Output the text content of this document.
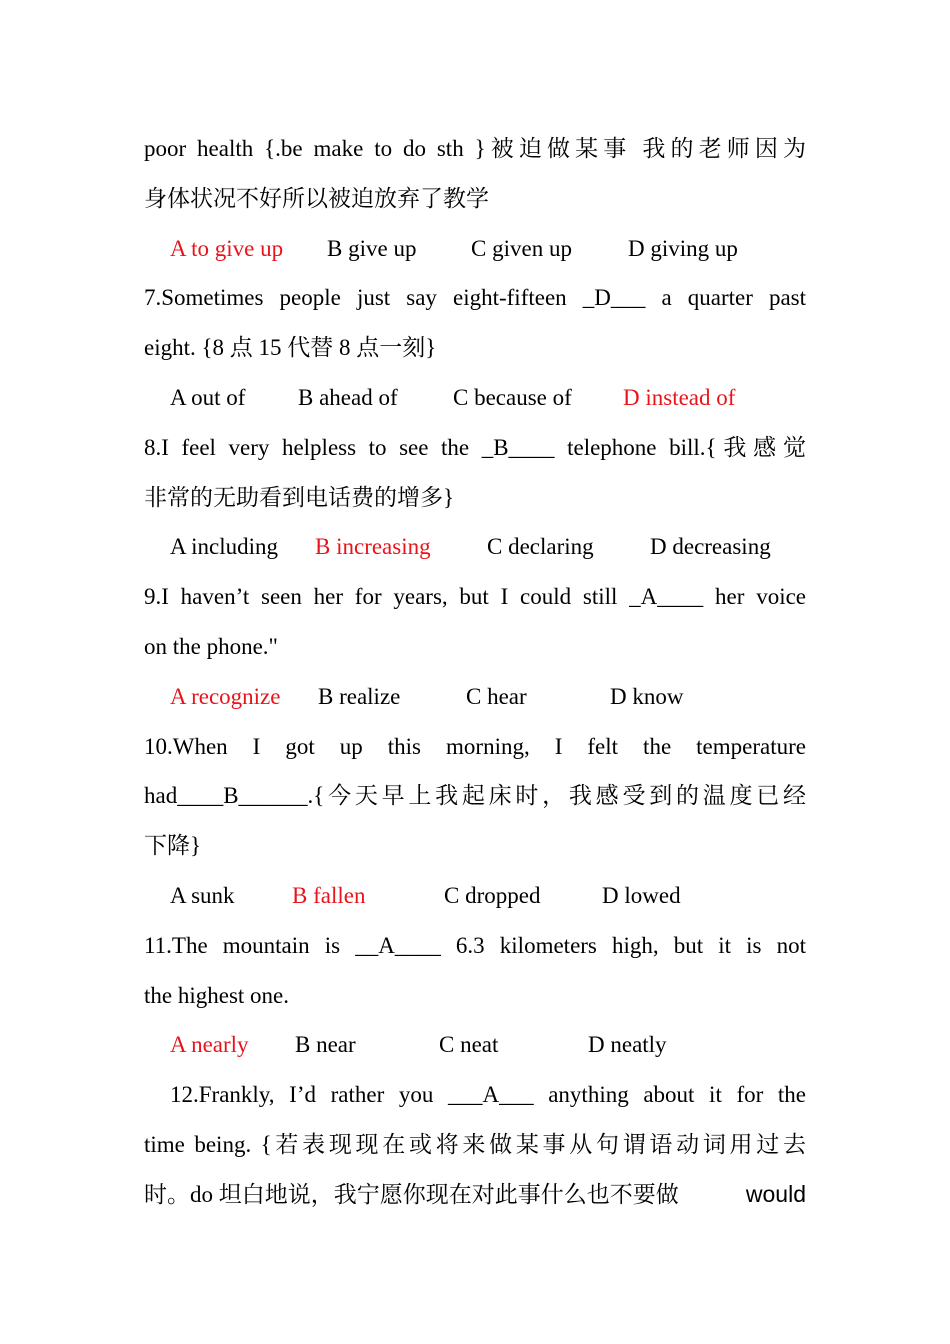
poor health {.be make to do sth }被迫做某事 我的老师因为
身体状况不好所以被迫放弃了教学
A to give up B give up C given up D giving up
7.Sometimes people just say eight-fifteen _D___ a quarter past
eight. {8 点 15 代替 8 点一刻}
A out of B ahead of C because of D instead of
8.I feel very helpless to see the _B____ telephone bill.{我感觉
非常的无助看到电话费的增多}
A including B increasing C declaring D decreasing
9.I haven’t seen her for years, but I could still _A____ her voice
on the phone."
A recognize B realize	C hear	D know
10.When I got up this morning, I felt the temperature
had____B______.{今天早上我起床时，我感受到的温度已经
下降}
A sunk B fallen	C dropped	D lowed
11.The mountain is __A____ 6.3 kilometers high, but it is not
the highest one.
A nearly B near	C neat	D neatly
12.Frankly, I’d rather you ___A___ anything about it for the
time being. {若表现现在或将来做某事从句谓语动词用过去
时。do 坦白地说，我宁愿你现在对此事什么也不要做	would
